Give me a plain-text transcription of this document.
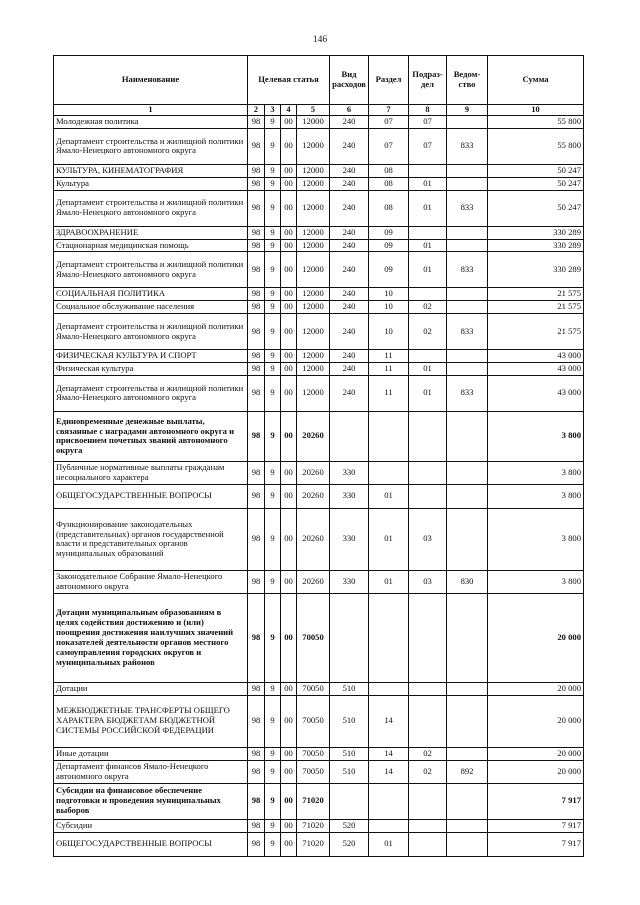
146
Наименование	Целевая статья				Вид расходов	Раздел	Подраз-дел	Ведом-ство	Сумма
1	2	3	4	5	6	7	8	9	10
Молодежная политика	98	9	00	12000	240	07	07		55 800
Департамент строительства и жилищной политики Ямало-Ненецкого автономного округа	98	9	00	12000	240	07	07	833	55 800
КУЛЬТУРА, КИНЕМАТОГРАФИЯ	98	9	00	12000	240	08			50 247
Культура	98	9	00	12000	240	08	01		50 247
Департамент строительства и жилищной политики Ямало-Ненецкого автономного округа	98	9	00	12000	240	08	01	833	50 247
ЗДРАВООХРАНЕНИЕ	98	9	00	12000	240	09			330 289
Стационарная медицинская помощь	98	9	00	12000	240	09	01		330 289
Департамент строительства и жилищной политики Ямало-Ненецкого автономного округа	98	9	00	12000	240	09	01	833	330 289
СОЦИАЛЬНАЯ ПОЛИТИКА	98	9	00	12000	240	10			21 575
Социальное обслуживание населения	98	9	00	12000	240	10	02		21 575
Департамент строительства и жилищной политики Ямало-Ненецкого автономного округа	98	9	00	12000	240	10	02	833	21 575
ФИЗИЧЕСКАЯ КУЛЬТУРА И СПОРТ	98	9	00	12000	240	11			43 000
Физическая культура	98	9	00	12000	240	11	01		43 000
Департамент строительства и жилищной политики Ямало-Ненецкого автономного округа	98	9	00	12000	240	11	01	833	43 000
Единовременные денежные выплаты, связанные с наградами автономного округа и присвоением почетных званий автономного округа	98	9	00	20260					3 800
Публичные нормативные выплаты гражданам несоциального характера	98	9	00	20260	330				3 800
ОБЩЕГОСУДАРСТВЕННЫЕ ВОПРОСЫ	98	9	00	20260	330	01			3 800
Функционирование законодательных (представительных) органов государственной власти и представительных органов муниципальных образований	98	9	00	20260	330	01	03		3 800
Законодательное Собрание Ямало-Ненецкого автономного округа	98	9	00	20260	330	01	03	830	3 800
Дотации муниципальным образованиям в целях содействия достижению и (или) поощрения достижения наилучших значений показателей деятельности органов местного самоуправления городских округов и муниципальных районов	98	9	00	70050					20 000
Дотации	98	9	00	70050	510				20 000
МЕЖБЮДЖЕТНЫЕ ТРАНСФЕРТЫ ОБЩЕГО ХАРАКТЕРА БЮДЖЕТАМ БЮДЖЕТНОЙ СИСТЕМЫ РОССИЙСКОЙ ФЕДЕРАЦИИ	98	9	00	70050	510	14			20 000
Иные дотации	98	9	00	70050	510	14	02		20 000
Департамент финансов Ямало-Ненецкого автономного округа	98	9	00	70050	510	14	02	892	20 000
Субсидии на финансовое обеспечение подготовки и проведения муниципальных выборов	98	9	00	71020					7 917
Субсидии	98	9	00	71020	520				7 917
ОБЩЕГОСУДАРСТВЕННЫЕ ВОПРОСЫ	98	9	00	71020	520	01			7 917
